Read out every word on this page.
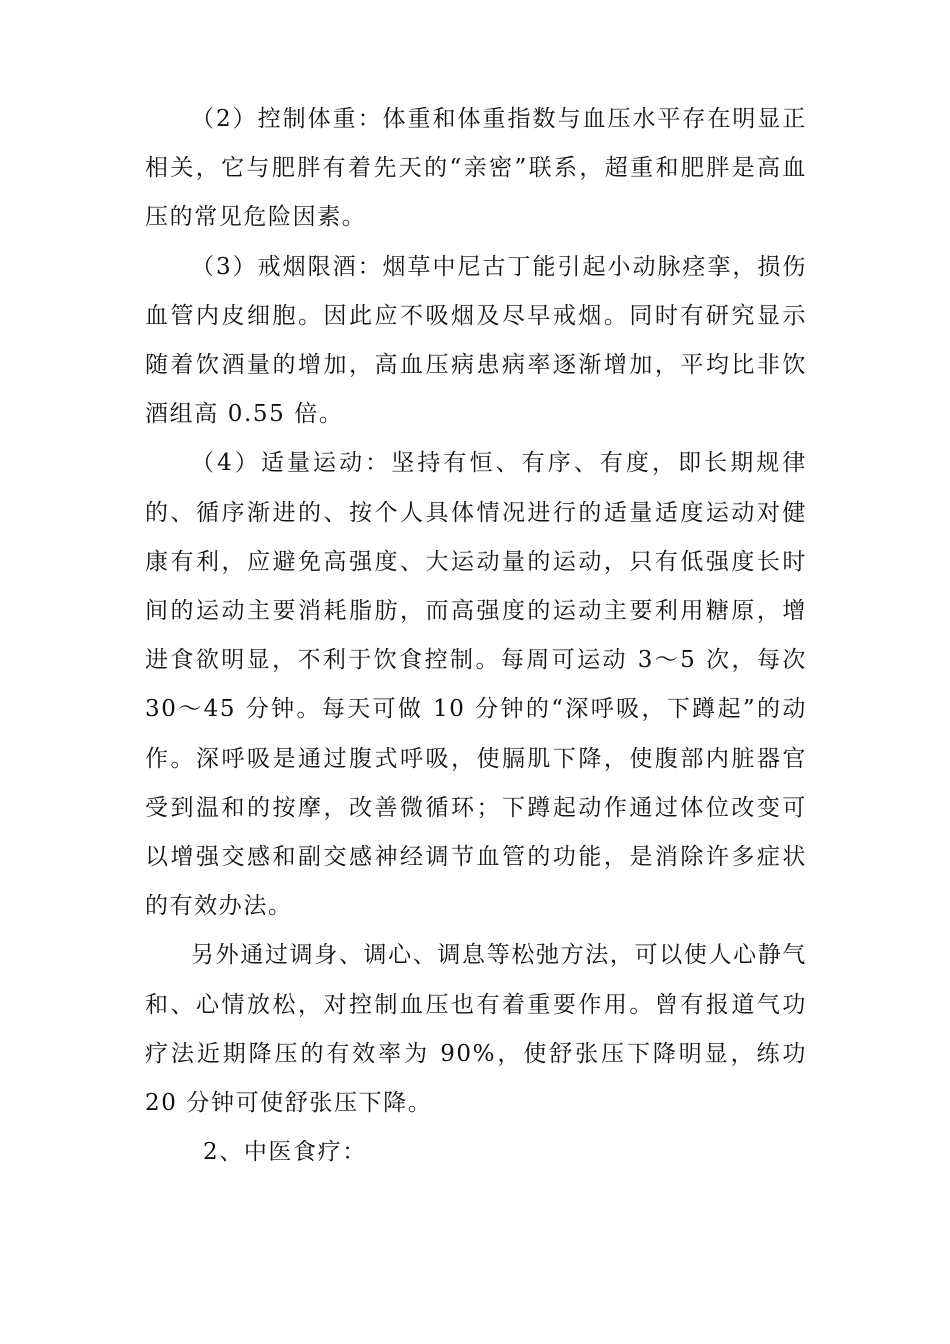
（2）控制体重：体重和体重指数与血压水平存在明显正相关，它与肥胖有着先天的“亲密”联系，超重和肥胖是高血压的常见危险因素。

（3）戒烟限酒：烟草中尼古丁能引起小动脉痉挛，损伤血管内皮细胞。因此应不吸烟及尽早戒烟。同时有研究显示随着饮酒量的增加，高血压病患病率逐渐增加，平均比非饮酒组高 0.55 倍。

（4）适量运动：坚持有恒、有序、有度，即长期规律的、循序渐进的、按个人具体情况进行的适量适度运动对健康有利，应避免高强度、大运动量的运动，只有低强度长时间的运动主要消耗脂肪，而高强度的运动主要利用糖原，增进食欲明显，不利于饮食控制。每周可运动 3～5 次，每次 30～45 分钟。每天可做 10 分钟的“深呼吸，下蹲起”的动作。深呼吸是通过腹式呼吸，使膈肌下降，使腹部内脏器官受到温和的按摩，改善微循环；下蹲起动作通过体位改变可以增强交感和副交感神经调节血管的功能，是消除许多症状的有效办法。

另外通过调身、调心、调息等松弛方法，可以使人心静气和、心情放松，对控制血压也有着重要作用。曾有报道气功疗法近期降压的有效率为 90%，使舒张压下降明显，练功 20 分钟可使舒张压下降。

2、中医食疗：
